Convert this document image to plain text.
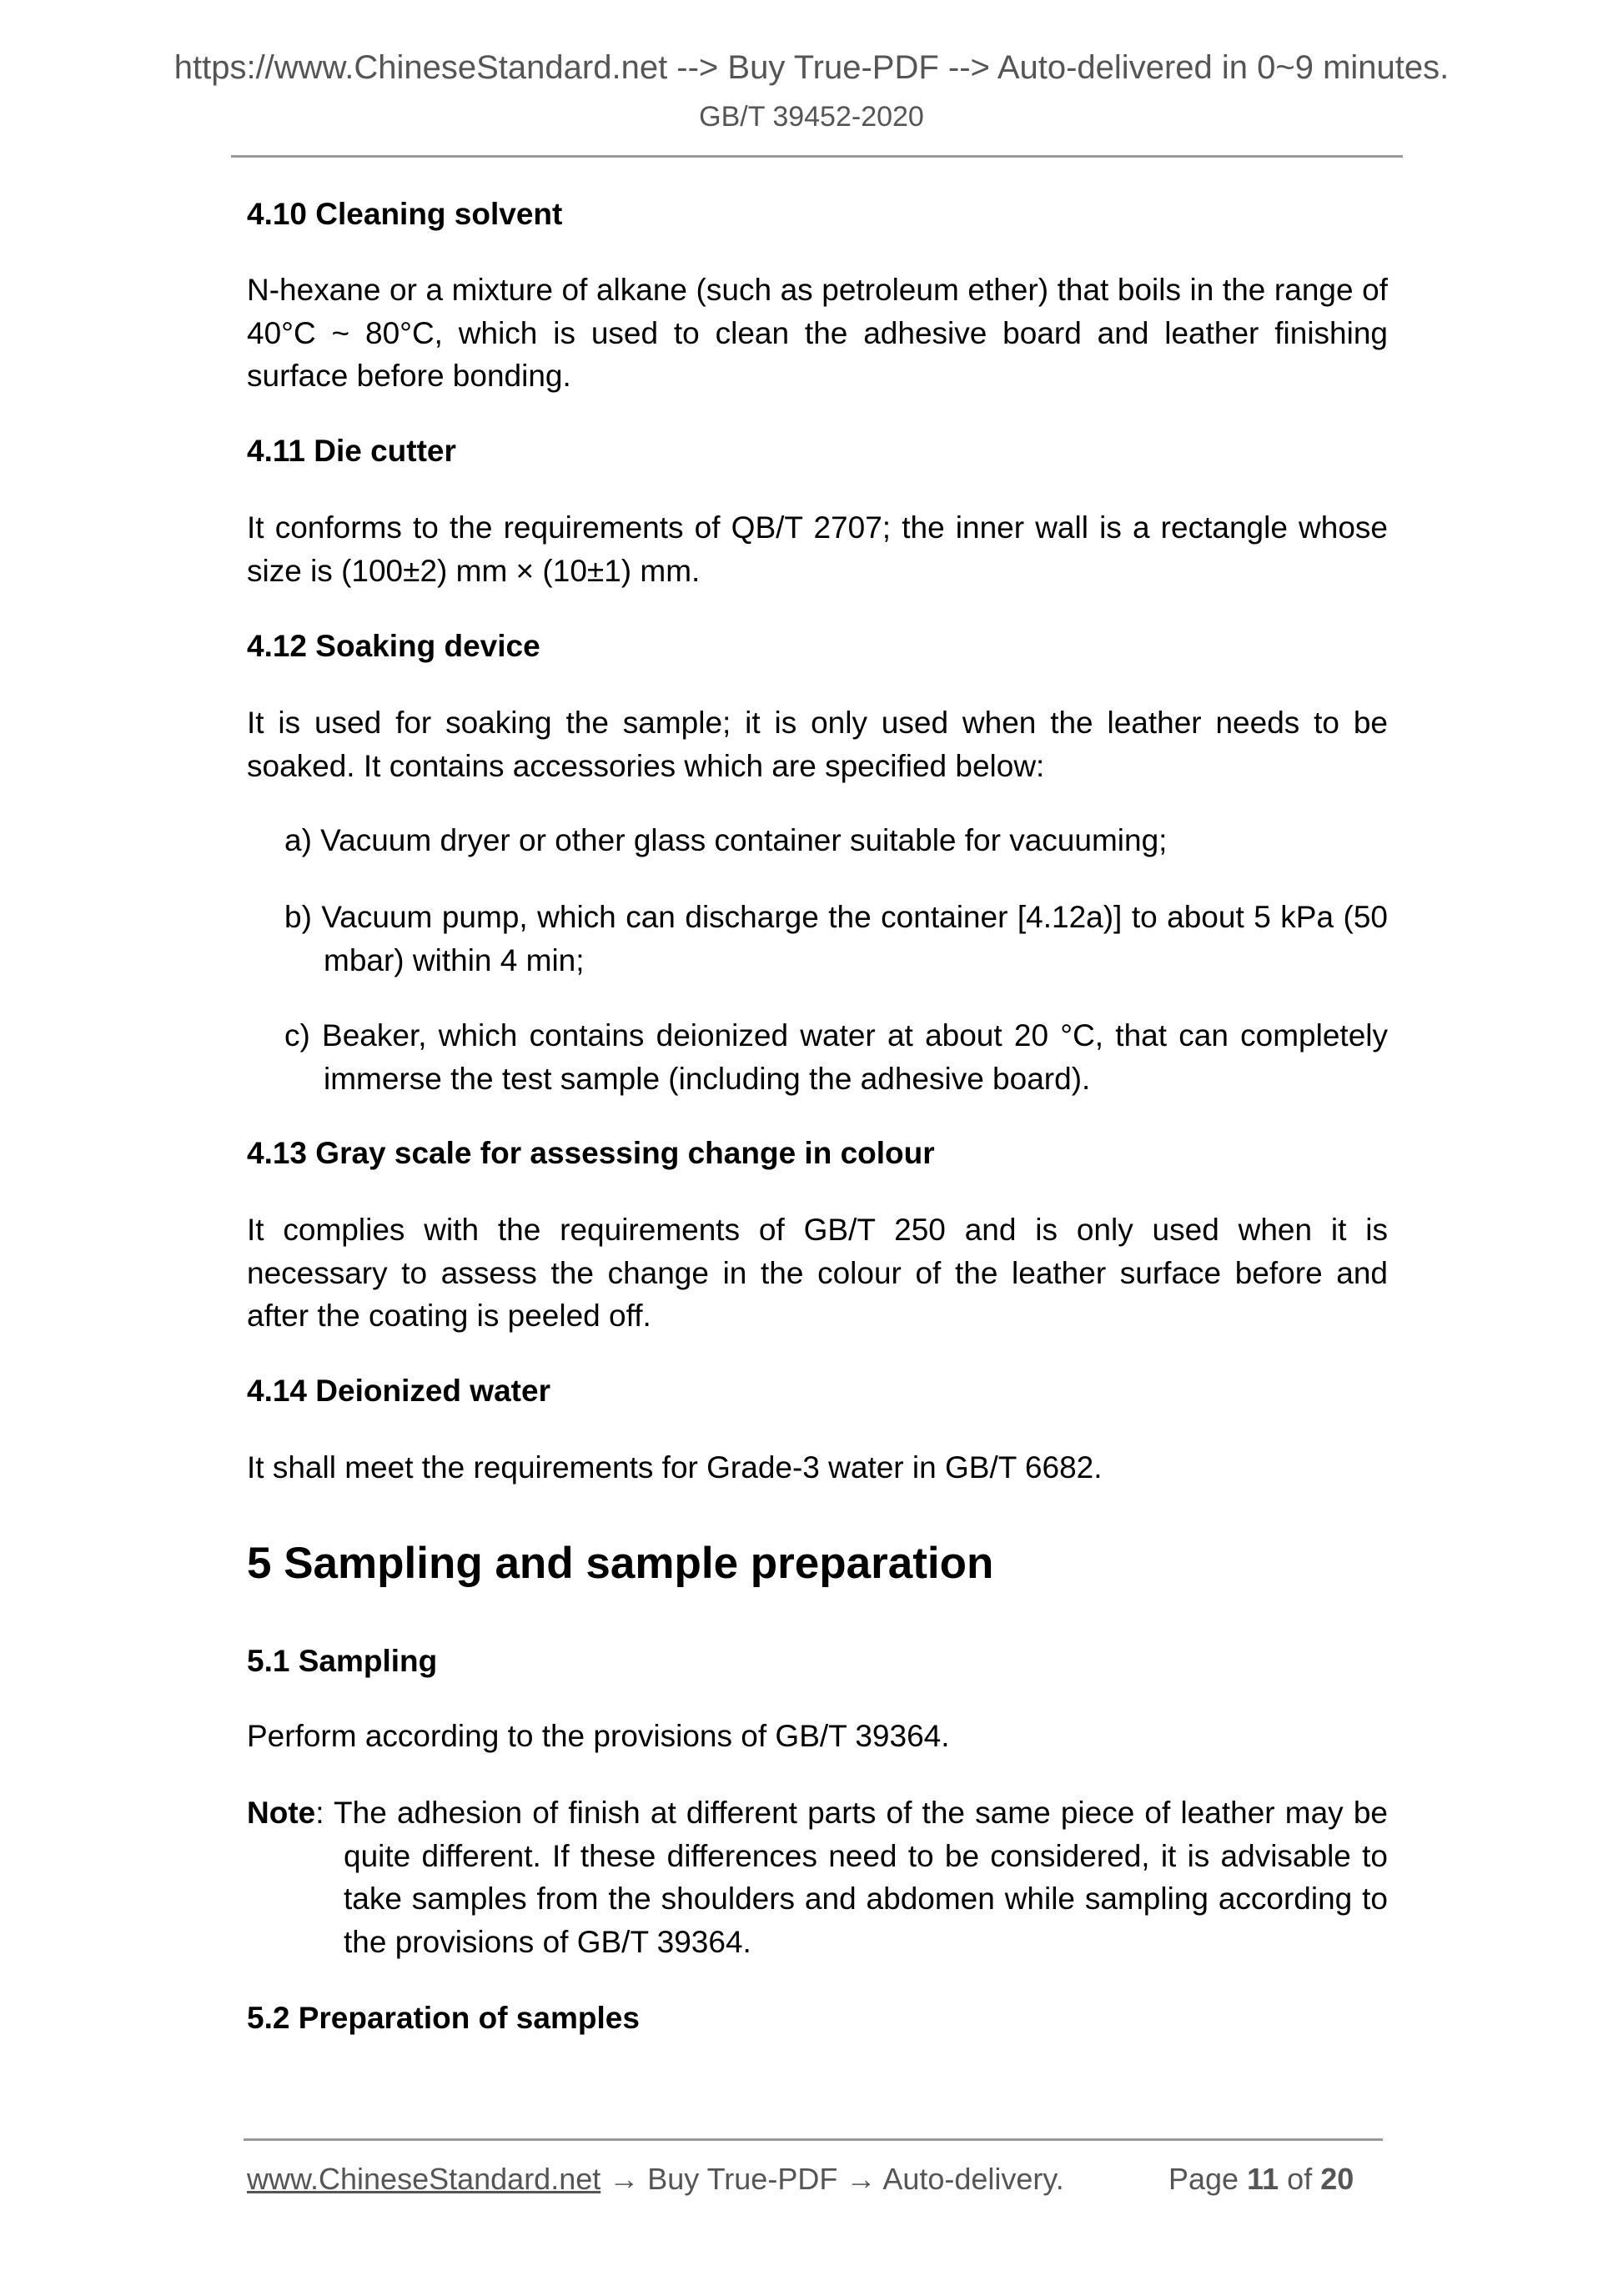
https://www.ChineseStandard.net --> Buy True-PDF --> Auto-delivered in 0~9 minutes.
GB/T 39452-2020
4.10 Cleaning solvent
N-hexane or a mixture of alkane (such as petroleum ether) that boils in the range of 40°C ~ 80°C, which is used to clean the adhesive board and leather finishing surface before bonding.
4.11 Die cutter
It conforms to the requirements of QB/T 2707; the inner wall is a rectangle whose size is (100±2) mm × (10±1) mm.
4.12 Soaking device
It is used for soaking the sample; it is only used when the leather needs to be soaked. It contains accessories which are specified below:
a) Vacuum dryer or other glass container suitable for vacuuming;
b) Vacuum pump, which can discharge the container [4.12a)] to about 5 kPa (50 mbar) within 4 min;
c) Beaker, which contains deionized water at about 20 °C, that can completely immerse the test sample (including the adhesive board).
4.13 Gray scale for assessing change in colour
It complies with the requirements of GB/T 250 and is only used when it is necessary to assess the change in the colour of the leather surface before and after the coating is peeled off.
4.14 Deionized water
It shall meet the requirements for Grade-3 water in GB/T 6682.
5 Sampling and sample preparation
5.1 Sampling
Perform according to the provisions of GB/T 39364.
Note: The adhesion of finish at different parts of the same piece of leather may be quite different. If these differences need to be considered, it is advisable to take samples from the shoulders and abdomen while sampling according to the provisions of GB/T 39364.
5.2 Preparation of samples
www.ChineseStandard.net → Buy True-PDF → Auto-delivery.	Page 11 of 20
